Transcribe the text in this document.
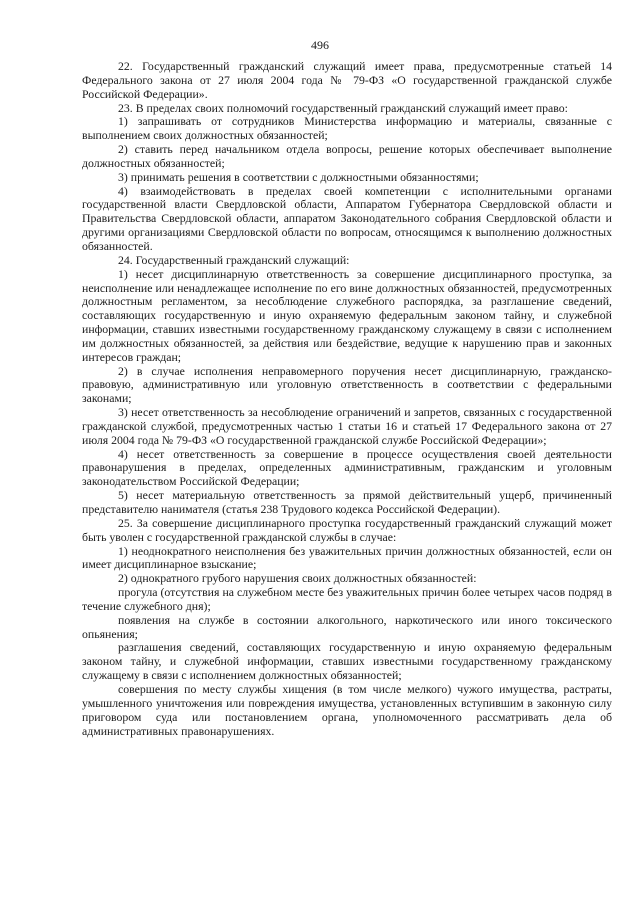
496

22. Государственный гражданский служащий имеет права, предусмотренные статьей 14 Федерального закона от 27 июля 2004 года № 79-ФЗ «О государственной гражданской службе Российской Федерации».

23. В пределах своих полномочий государственный гражданский служащий имеет право:

1) запрашивать от сотрудников Министерства информацию и материалы, связанные с выполнением своих должностных обязанностей;

2) ставить перед начальником отдела вопросы, решение которых обеспечивает выполнение должностных обязанностей;

3) принимать решения в соответствии с должностными обязанностями;

4) взаимодействовать в пределах своей компетенции с исполнительными органами государственной власти Свердловской области, Аппаратом Губернатора Свердловской области и Правительства Свердловской области, аппаратом Законодательного собрания Свердловской области и другими организациями Свердловской области по вопросам, относящимся к выполнению должностных обязанностей.

24. Государственный гражданский служащий:

1) несет дисциплинарную ответственность за совершение дисциплинарного проступка, за неисполнение или ненадлежащее исполнение по его вине должностных обязанностей, предусмотренных должностным регламентом, за несоблюдение служебного распорядка, за разглашение сведений, составляющих государственную и иную охраняемую федеральным законом тайну, и служебной информации, ставших известными государственному гражданскому служащему в связи с исполнением им должностных обязанностей, за действия или бездействие, ведущие к нарушению прав и законных интересов граждан;

2) в случае исполнения неправомерного поручения несет дисциплинарную, гражданско-правовую, административную или уголовную ответственность в соответствии с федеральными законами;

3) несет ответственность за несоблюдение ограничений и запретов, связанных с государственной гражданской службой, предусмотренных частью 1 статьи 16 и статьей 17 Федерального закона от 27 июля 2004 года № 79-ФЗ «О государственной гражданской службе Российской Федерации»;

4) несет ответственность за совершение в процессе осуществления своей деятельности правонарушения в пределах, определенных административным, гражданским и уголовным законодательством Российской Федерации;

5) несет материальную ответственность за прямой действительный ущерб, причиненный представителю нанимателя (статья 238 Трудового кодекса Российской Федерации).

25. За совершение дисциплинарного проступка государственный гражданский служащий может быть уволен с государственной гражданской службы в случае:

1) неоднократного неисполнения без уважительных причин должностных обязанностей, если он имеет дисциплинарное взыскание;

2) однократного грубого нарушения своих должностных обязанностей:

прогула (отсутствия на служебном месте без уважительных причин более четырех часов подряд в течение служебного дня);

появления на службе в состоянии алкогольного, наркотического или иного токсического опьянения;

разглашения сведений, составляющих государственную и иную охраняемую федеральным законом тайну, и служебной информации, ставших известными государственному гражданскому служащему в связи с исполнением должностных обязанностей;

совершения по месту службы хищения (в том числе мелкого) чужого имущества, растраты, умышленного уничтожения или повреждения имущества, установленных вступившим в законную силу приговором суда или постановлением органа, уполномоченного рассматривать дела об административных правонарушениях.
